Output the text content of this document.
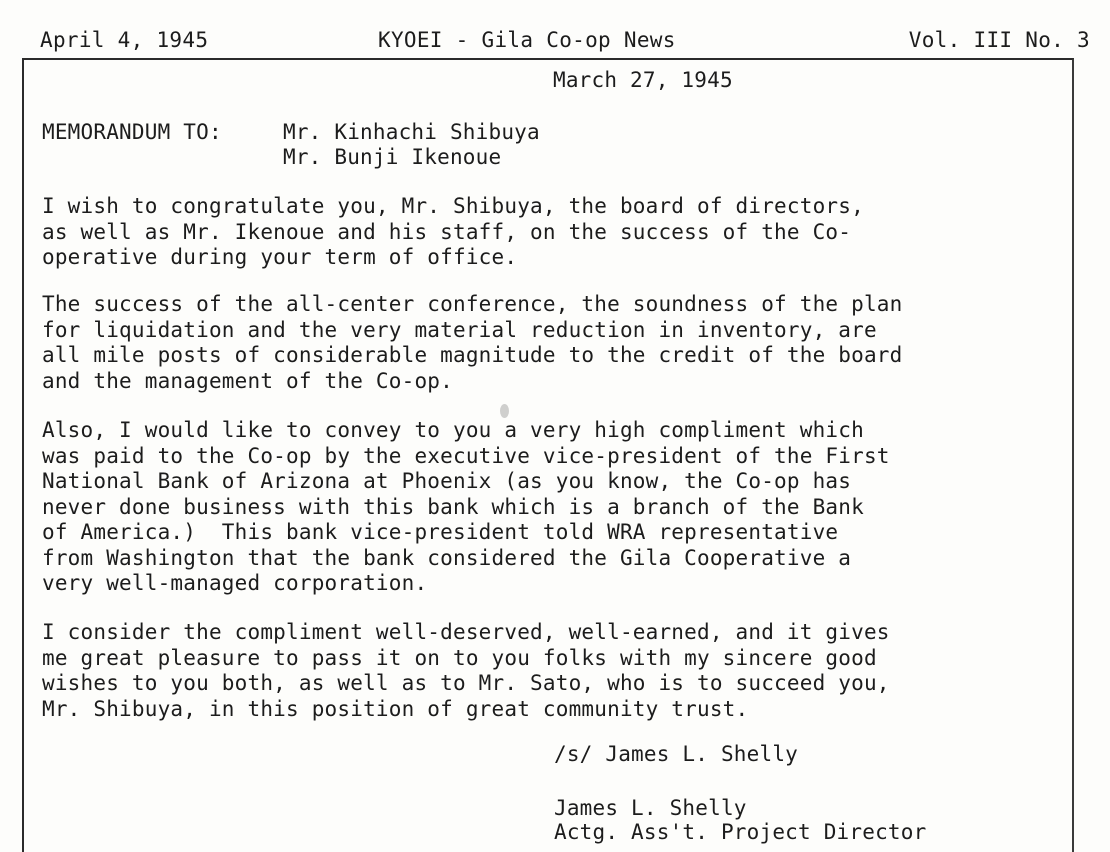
April 4, 1945	KYOEI - Gila Co-op News	Vol. III No. 3
March 27, 1945
MEMORANDUM TO:	Mr. Kinhachi Shibuya
Mr. Bunji Ikenoue
I wish to congratulate you, Mr. Shibuya, the board of directors,
as well as Mr. Ikenoue and his staff, on the success of the Co-
operative during your term of office.
The success of the all-center conference, the soundness of the plan
for liquidation and the very material reduction in inventory, are
all mile posts of considerable magnitude to the credit of the board
and the management of the Co-op.
Also, I would like to convey to you a very high compliment which
was paid to the Co-op by the executive vice-president of the First
National Bank of Arizona at Phoenix (as you know, the Co-op has
never done business with this bank which is a branch of the Bank
of America.)  This bank vice-president told WRA representative
from Washington that the bank considered the Gila Cooperative a
very well-managed corporation.
I consider the compliment well-deserved, well-earned, and it gives
me great pleasure to pass it on to you folks with my sincere good
wishes to you both, as well as to Mr. Sato, who is to succeed you,
Mr. Shibuya, in this position of great community trust.
/s/ James L. Shelly
James L. Shelly
Actg. Ass't. Project Director
